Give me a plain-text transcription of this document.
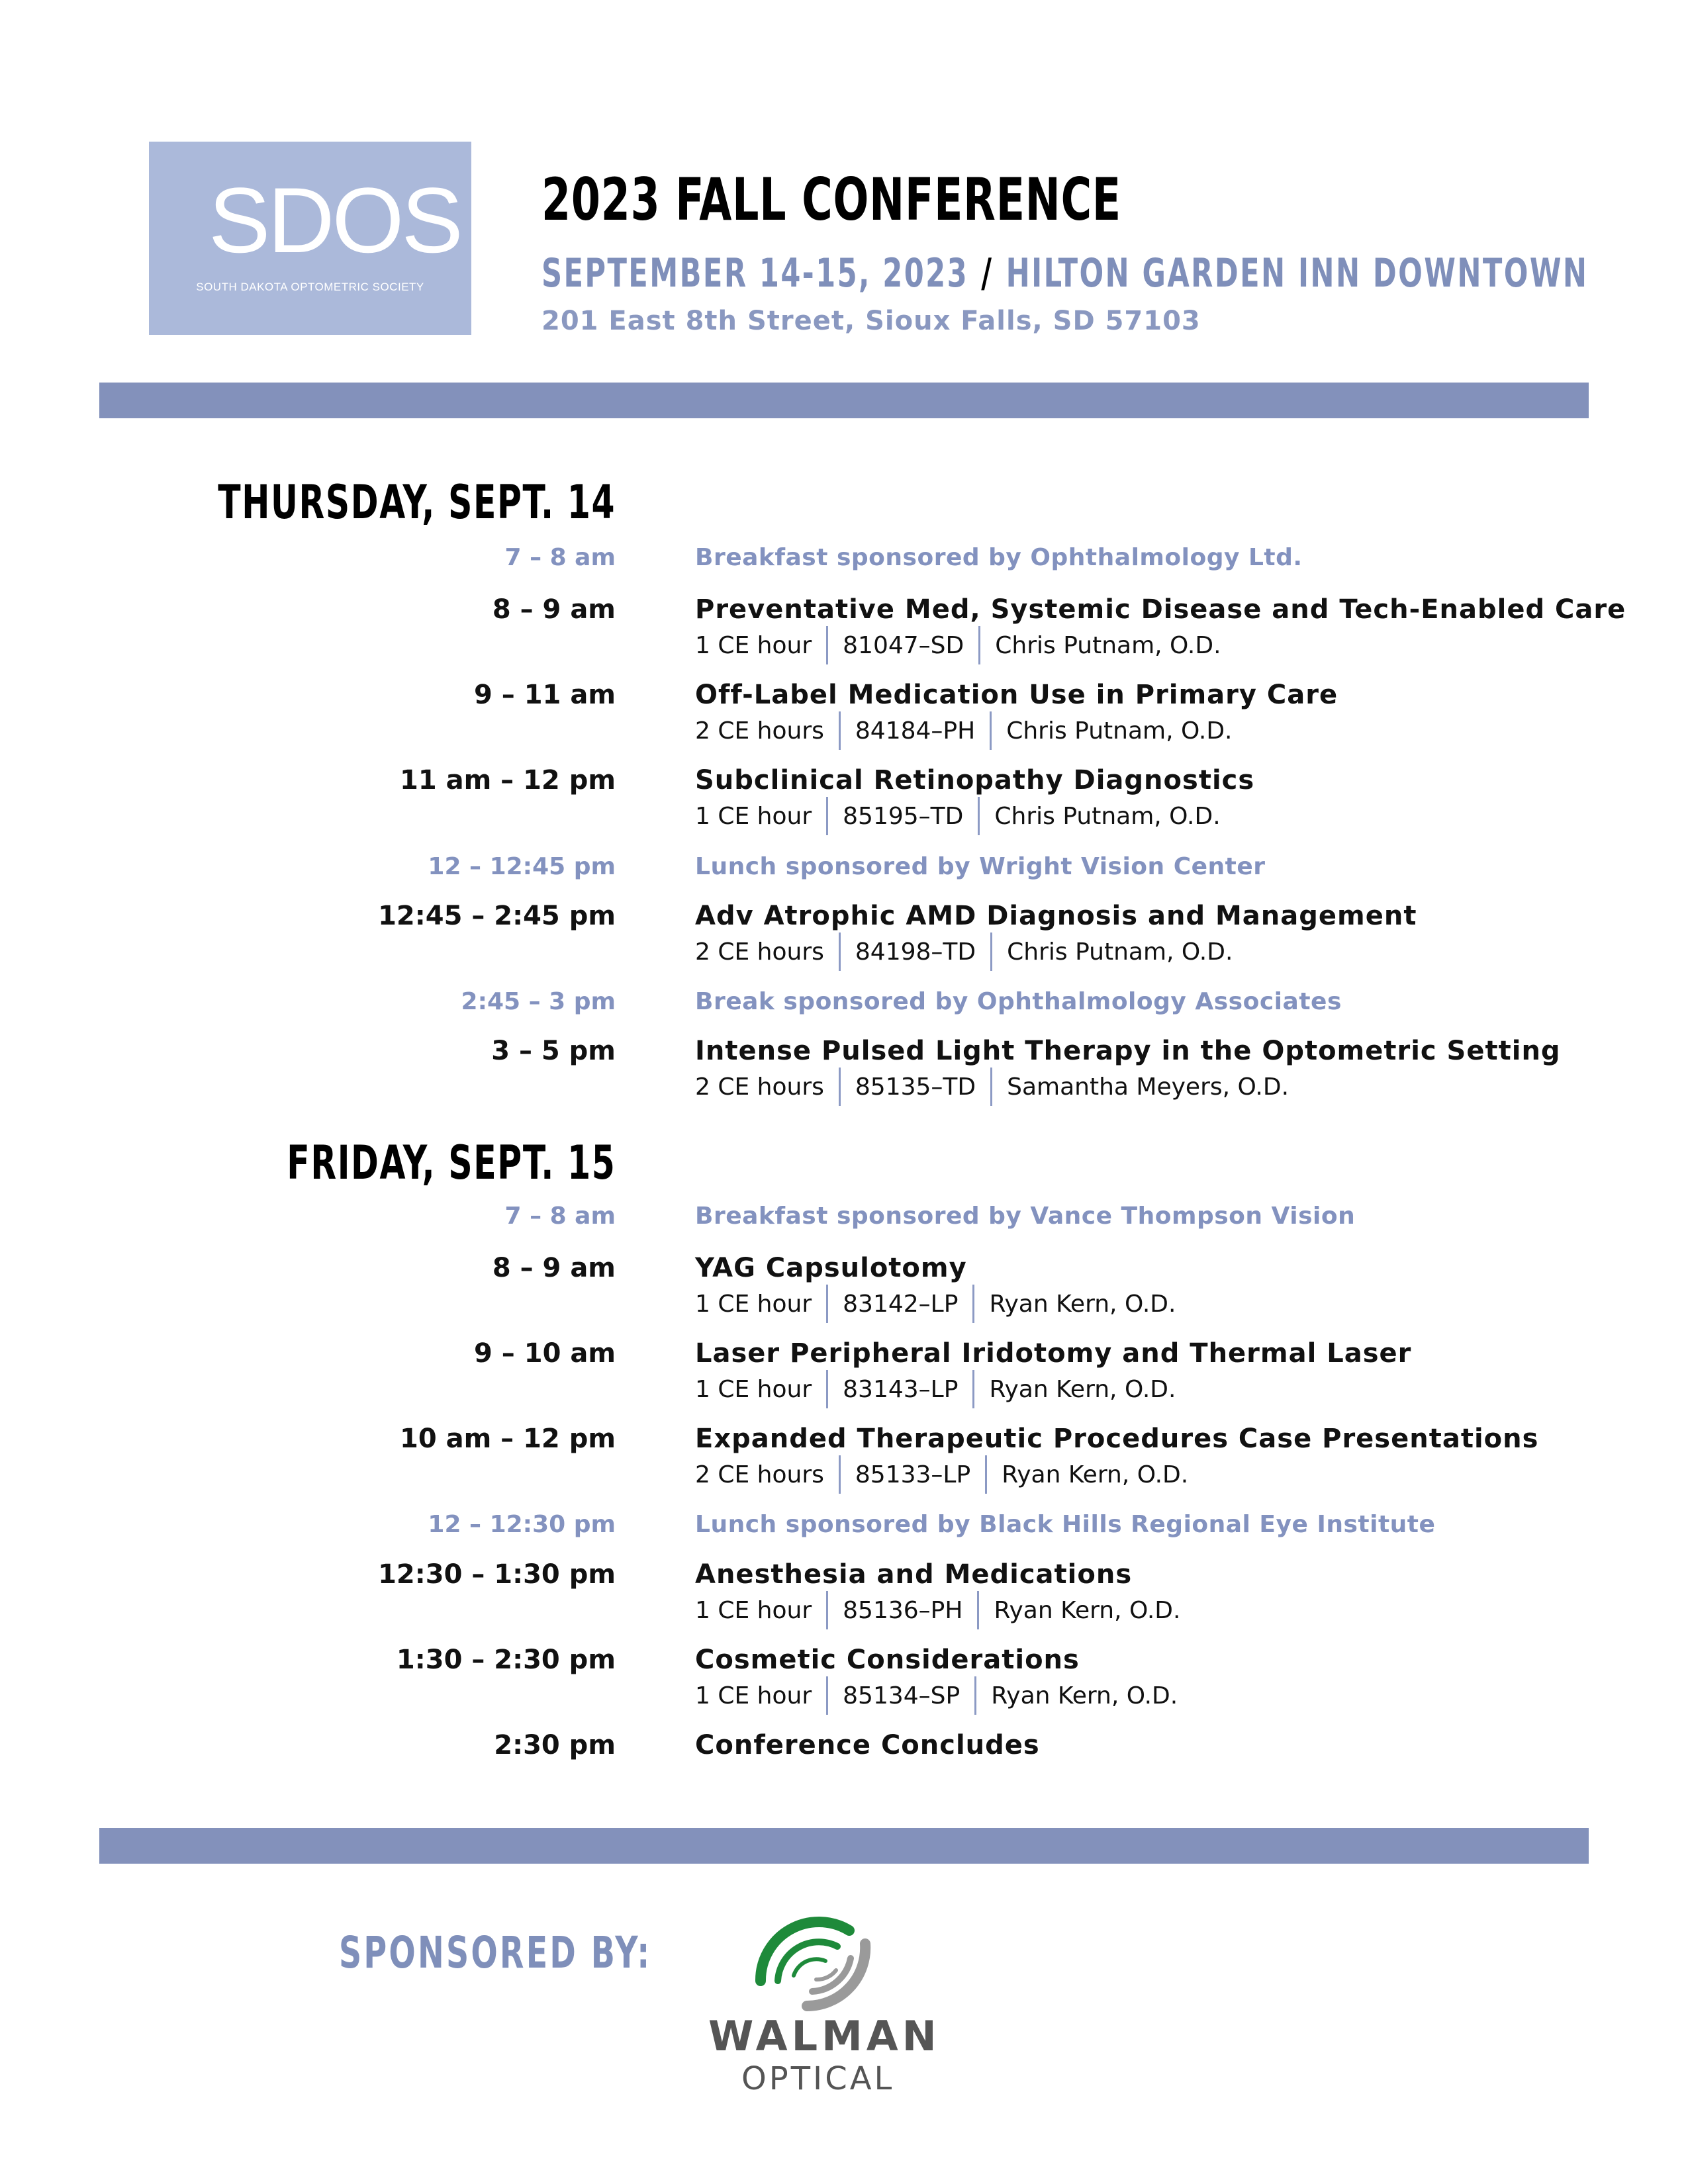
SDOS
SOUTH DAKOTA OPTOMETRIC SOCIETY
2023 FALL CONFERENCE
SEPTEMBER 14-15, 2023 / HILTON GARDEN INN DOWNTOWN
201 East 8th Street, Sioux Falls, SD 57103
THURSDAY, SEPT. 14
7 – 8 am	Breakfast sponsored by Ophthalmology Ltd.
8 – 9 am	Preventative Med, Systemic Disease and Tech-Enabled Care
1 CE hour 81047–SD Chris Putnam, O.D.
9 – 11 am	Off-Label Medication Use in Primary Care
2 CE hours 84184–PH Chris Putnam, O.D.
11 am – 12 pm	Subclinical Retinopathy Diagnostics
1 CE hour 85195–TD Chris Putnam, O.D.
12 – 12:45 pm	Lunch sponsored by Wright Vision Center
12:45 – 2:45 pm	Adv Atrophic AMD Diagnosis and Management
2 CE hours 84198–TD Chris Putnam, O.D.
2:45 – 3 pm	Break sponsored by Ophthalmology Associates
3 – 5 pm	Intense Pulsed Light Therapy in the Optometric Setting
2 CE hours 85135–TD Samantha Meyers, O.D.
FRIDAY, SEPT. 15
7 – 8 am	Breakfast sponsored by Vance Thompson Vision
8 – 9 am	YAG Capsulotomy
1 CE hour 83142–LP Ryan Kern, O.D.
9 – 10 am	Laser Peripheral Iridotomy and Thermal Laser
1 CE hour 83143–LP Ryan Kern, O.D.
10 am – 12 pm	Expanded Therapeutic Procedures Case Presentations
2 CE hours 85133–LP Ryan Kern, O.D.
12 – 12:30 pm	Lunch sponsored by Black Hills Regional Eye Institute
12:30 – 1:30 pm	Anesthesia and Medications
1 CE hour 85136–PH Ryan Kern, O.D.
1:30 – 2:30 pm	Cosmetic Considerations
1 CE hour 85134–SP Ryan Kern, O.D.
2:30 pm	Conference Concludes
SPONSORED BY:
WALMAN
OPTICAL
